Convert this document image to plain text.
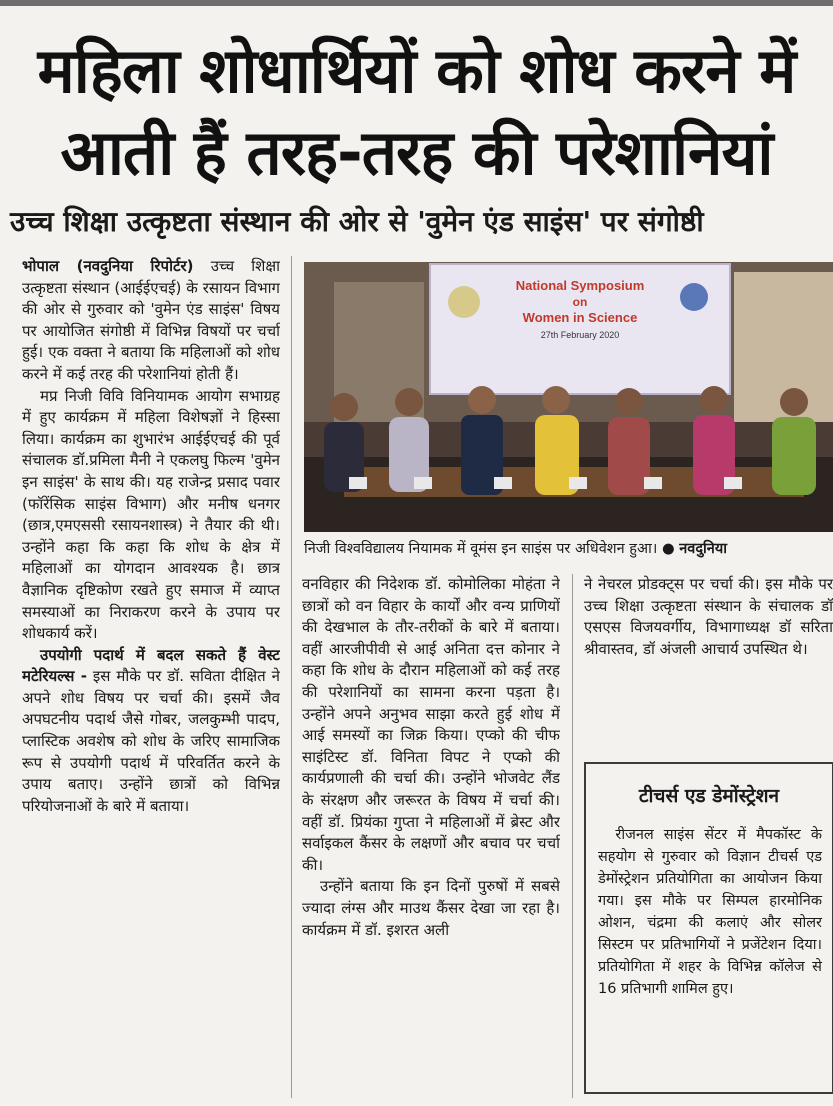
महिला शोधार्थियों को शोध करने में
आती हैं तरह-तरह की परेशानियां
उच्च शिक्षा उत्कृष्टता संस्थान की ओर से 'वुमेन एंड साइंस' पर संगोष्ठी

भोपाल (नवदुनिया रिपोर्टर) उच्च शिक्षा उत्कृष्टता संस्थान (आईईएचई) के रसायन विभाग की ओर से गुरुवार को 'वुमेन एंड साइंस' विषय पर आयोजित संगोष्ठी में विभिन्न विषयों पर चर्चा हुई। एक वक्ता ने बताया कि महिलाओं को शोध करने में कई तरह की परेशानियां होती हैं।

मप्र निजी विवि विनियामक आयोग सभाग्रह में हुए कार्यक्रम में महिला विशेषज्ञों ने हिस्सा लिया। कार्यक्रम का शुभारंभ आईईएचई की पूर्व संचालक डॉ.प्रमिला मैनी ने एकलघु फिल्म 'वुमेन इन साइंस' के साथ की। यह राजेन्द्र प्रसाद पवार (फॉरेंसिक साइंस विभाग) और मनीष धनगर (छात्र,एमएससी रसायनशास्त्र) ने तैयार की थी। उन्होंने कहा कि कहा कि शोध के क्षेत्र में महिलाओं का योगदान आवश्यक है। छात्र वैज्ञानिक दृष्टिकोण रखते हुए समाज में व्याप्त समस्याओं का निराकरण करने के उपाय पर शोधकार्य करें।

उपयोगी पदार्थ में बदल सकते हैं वेस्ट मटेरियल्स - इस मौके पर डॉ. सविता दीक्षित ने अपने शोध विषय पर चर्चा की। इसमें जैव अपघटनीय पदार्थ जैसे गोबर, जलकुम्भी पादप, प्लास्टिक अवशेष को शोध के जरिए सामाजिक रूप से उपयोगी पदार्थ में परिवर्तित करने के उपाय बताए। उन्होंने छात्रों को विभिन्न परियोजनाओं के बारे में बताया।

National Symposium
on
Women in Science
27th February 2020
निजी विश्वविद्यालय नियामक में वूमंस इन साइंस पर अधिवेशन हुआ। ● नवदुनिया

वनविहार की निदेशक डॉ. कोमोलिका मोहंता ने छात्रों को वन विहार के कार्यों और वन्य प्राणियों की देखभाल के तौर-तरीकों के बारे में बताया। वहीं आरजीपीवी से आई अनिता दत्त कोनार ने कहा कि शोध के दौरान महिलाओं को कई तरह की परेशानियों का सामना करना पड़ता है। उन्होंने अपने अनुभव साझा करते हुई शोध में आई समस्यों का जिक्र किया। एप्को की चीफ साइंटिस्ट डॉ. विनिता विपट ने एप्को की कार्यप्रणाली की चर्चा की। उन्होंने भोजवेट लैंड के संरक्षण और जरूरत के विषय में चर्चा की। वहीं डॉ. प्रियंका गुप्ता ने महिलाओं में ब्रेस्ट और सर्वाइकल कैंसर के लक्षणों और बचाव पर चर्चा की।

उन्होंने बताया कि इन दिनों पुरुषों में सबसे ज्यादा लंग्स और माउथ कैंसर देखा जा रहा है। कार्यक्रम में डॉ. इशरत अली

ने नेचरल प्रोडक्ट्स पर चर्चा की। इस मौके पर उच्च शिक्षा उत्कृष्टता संस्थान के संचालक डॉ एसएस विजयवर्गीय, विभागाध्यक्ष डॉ सरिता श्रीवास्तव, डॉ अंजली आचार्य उपस्थित थे।

टीचर्स एड डेमोंस्ट्रेशन
रीजनल साइंस सेंटर में मैपकॉस्ट के सहयोग से गुरुवार को विज्ञान टीचर्स एड डेमोंस्ट्रेशन प्रतियोगिता का आयोजन किया गया। इस मौके पर सिम्पल हारमोनिक ओशन, चंद्रमा की कलाएं और सोलर सिस्टम पर प्रतिभागियों ने प्रजेंटेशन दिया। प्रतियोगिता में शहर के विभिन्न कॉलेज से 16 प्रतिभागी शामिल हुए।
